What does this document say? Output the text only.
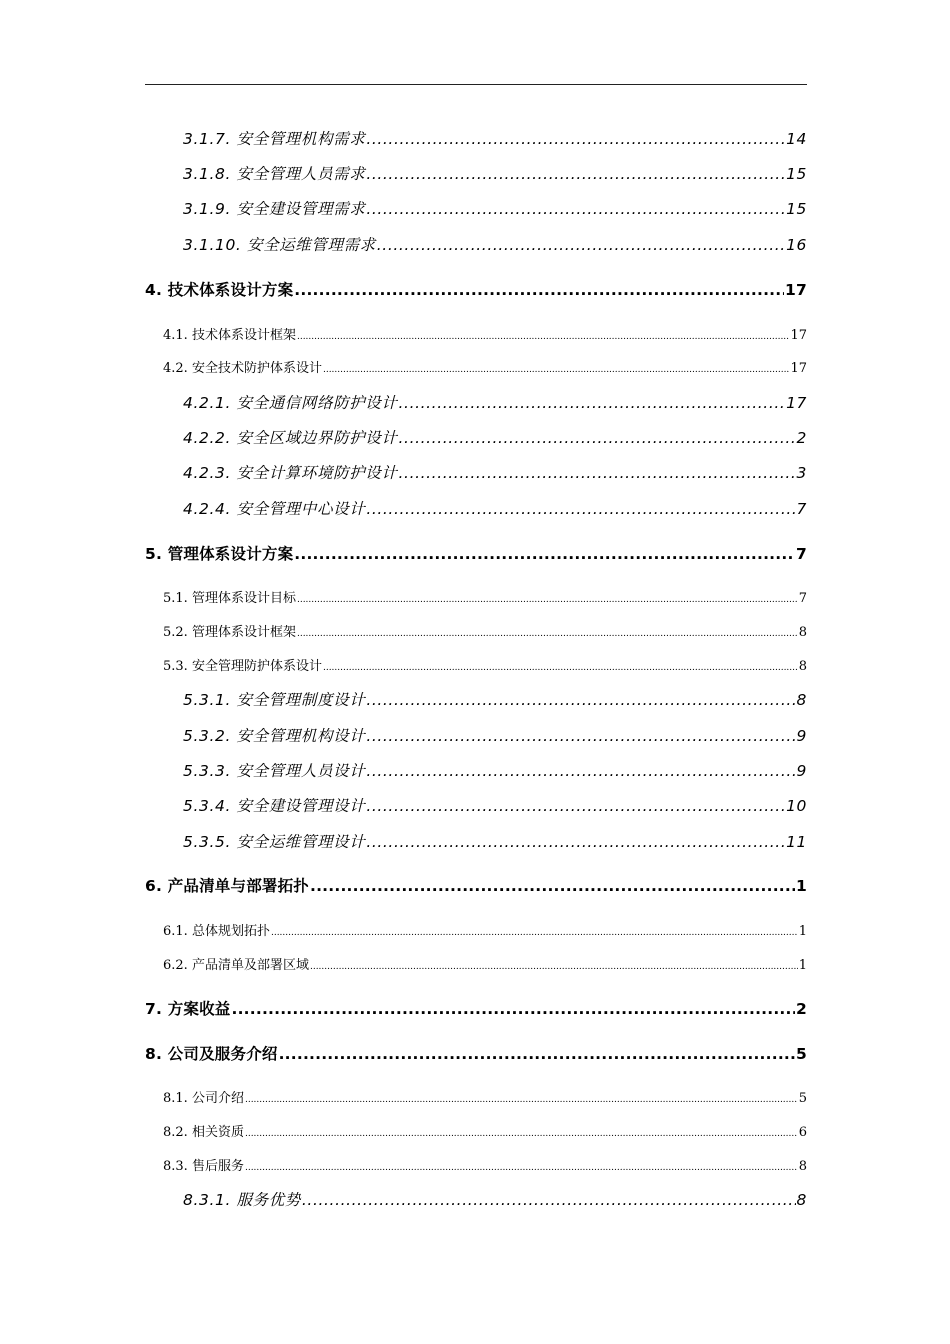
3.1.7. 安全管理机构需求 .....	14
3.1.8. 安全管理人员需求 .....	15
3.1.9. 安全建设管理需求 .....	15
3.1.10. 安全运维管理需求 .....	16
4. 技术体系设计方案 .....	17
4.1. 技术体系设计框架 .....	17
4.2. 安全技术防护体系设计 .....	17
4.2.1. 安全通信网络防护设计 .....	17
4.2.2. 安全区域边界防护设计 .....	2
4.2.3. 安全计算环境防护设计 .....	3
4.2.4. 安全管理中心设计 .....	7
5. 管理体系设计方案 .....	7
5.1. 管理体系设计目标 .....	7
5.2. 管理体系设计框架 .....	8
5.3. 安全管理防护体系设计 .....	8
5.3.1. 安全管理制度设计 .....	8
5.3.2. 安全管理机构设计 .....	9
5.3.3. 安全管理人员设计 .....	9
5.3.4. 安全建设管理设计 .....	10
5.3.5. 安全运维管理设计 .....	11
6. 产品清单与部署拓扑 .....	1
6.1. 总体规划拓扑 .....	1
6.2. 产品清单及部署区域 .....	1
7. 方案收益 .....	2
8. 公司及服务介绍 .....	5
8.1. 公司介绍 .....	5
8.2. 相关资质 .....	6
8.3. 售后服务 .....	8
8.3.1. 服务优势 .....	8
